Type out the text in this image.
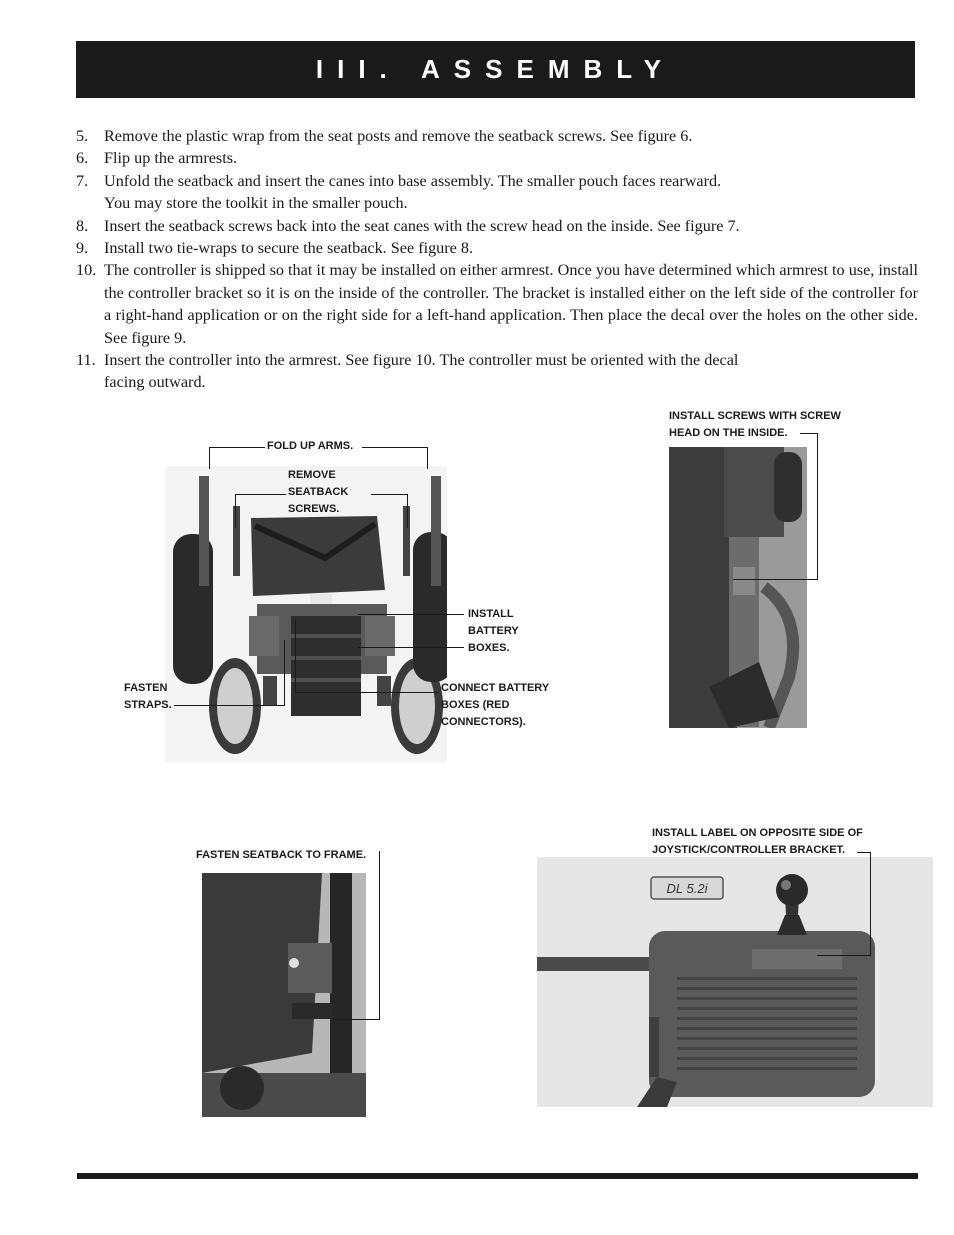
III. ASSEMBLY
5. Remove the plastic wrap from the seat posts and remove the seatback screws. See figure 6.
6. Flip up the armrests.
7. Unfold the seatback and insert the canes into base assembly. The smaller pouch faces rearward.
You may store the toolkit in the smaller pouch.
8. Insert the seatback screws back into the seat canes with the screw head on the inside. See figure 7.
9. Install two tie-wraps to secure the seatback. See figure 8.
10. The controller is shipped so that it may be installed on either armrest. Once you have determined which armrest to use, install the controller bracket so it is on the inside of the controller. The bracket is installed either on the left side of the controller for a right-hand application or on the right side for a left-hand application. Then place the decal over the holes on the other side. See figure 9.
11. Insert the controller into the armrest. See figure 10. The controller must be oriented with the decal
facing outward.
DL 5.2i
FOLD UP ARMS.
REMOVE
SEATBACK
SCREWS.
INSTALL
BATTERY
BOXES.
FASTEN
STRAPS.
CONNECT BATTERY
BOXES (RED
CONNECTORS).
INSTALL SCREWS WITH SCREW
HEAD ON THE INSIDE.
FASTEN SEATBACK TO FRAME.
INSTALL LABEL ON OPPOSITE SIDE OF
JOYSTICK/CONTROLLER BRACKET.
